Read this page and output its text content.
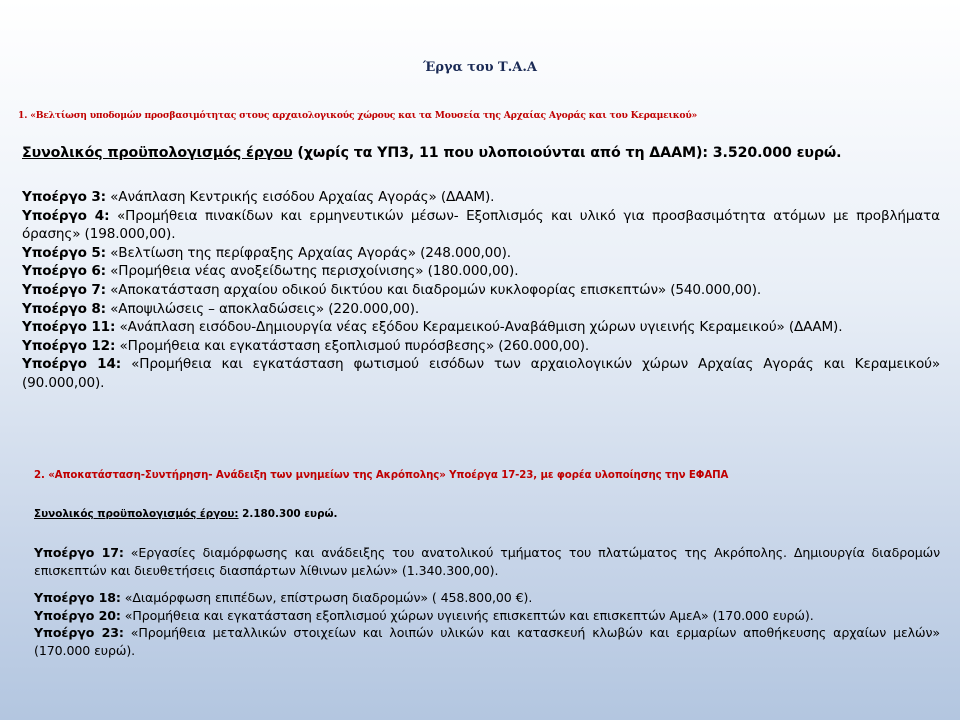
Έργα του Τ.Α.Α
1. «Βελτίωση υποδομών προσβασιμότητας στους αρχαιολογικούς χώρους και τα Μουσεία της Αρχαίας Αγοράς και του Κεραμεικού»
Συνολικός προϋπολογισμός έργου (χωρίς τα ΥΠ3, 11 που υλοποιούνται από τη ΔΑΑΜ): 3.520.000 ευρώ.

Υποέργο 3: «Ανάπλαση Κεντρικής εισόδου Αρχαίας Αγοράς» (ΔΑΑΜ).

Υποέργο 4: «Προμήθεια πινακίδων και ερμηνευτικών μέσων- Εξοπλισμός και υλικό για προσβασιμότητα ατόμων με προβλήματα όρασης» (198.000,00).

Υποέργο 5: «Βελτίωση της περίφραξης Αρχαίας Αγοράς» (248.000,00).

Υποέργο 6: «Προμήθεια νέας ανοξείδωτης περισχοίνισης» (180.000,00).

Υποέργο 7: «Αποκατάσταση αρχαίου οδικού δικτύου και διαδρομών κυκλοφορίας επισκεπτών» (540.000,00).

Υποέργο 8: «Αποψιλώσεις – αποκλαδώσεις» (220.000,00).

Υποέργο 11: «Ανάπλαση εισόδου-Δημιουργία νέας εξόδου Κεραμεικού-Αναβάθμιση χώρων υγιεινής Κεραμεικού» (ΔΑΑΜ).

Υποέργο 12: «Προμήθεια και εγκατάσταση εξοπλισμού πυρόσβεσης» (260.000,00).

Υποέργο 14: «Προμήθεια και εγκατάσταση φωτισμού εισόδων των αρχαιολογικών χώρων Αρχαίας Αγοράς και Κεραμεικού» (90.000,00).

2. «Αποκατάσταση-Συντήρηση- Ανάδειξη των μνημείων της Ακρόπολης» Υποέργα 17-23, με φορέα υλοποίησης την ΕΦΑΠΑ
Συνολικός προϋπολογισμός έργου: 2.180.300 ευρώ.

Υποέργο 17: «Εργασίες διαμόρφωσης και ανάδειξης του ανατολικού τμήματος του πλατώματος της Ακρόπολης. Δημιουργία διαδρομών επισκεπτών και διευθετήσεις διασπάρτων λίθινων μελών» (1.340.300,00).

Υποέργο 18: «Διαμόρφωση επιπέδων, επίστρωση διαδρομών» ( 458.800,00 €).

Υποέργο 20: «Προμήθεια και εγκατάσταση εξοπλισμού χώρων υγιεινής επισκεπτών και επισκεπτών ΑμεΑ» (170.000 ευρώ).

Υποέργο 23: «Προμήθεια μεταλλικών στοιχείων και λοιπών υλικών και κατασκευή κλωβών και ερμαρίων αποθήκευσης αρχαίων μελών» (170.000 ευρώ).
